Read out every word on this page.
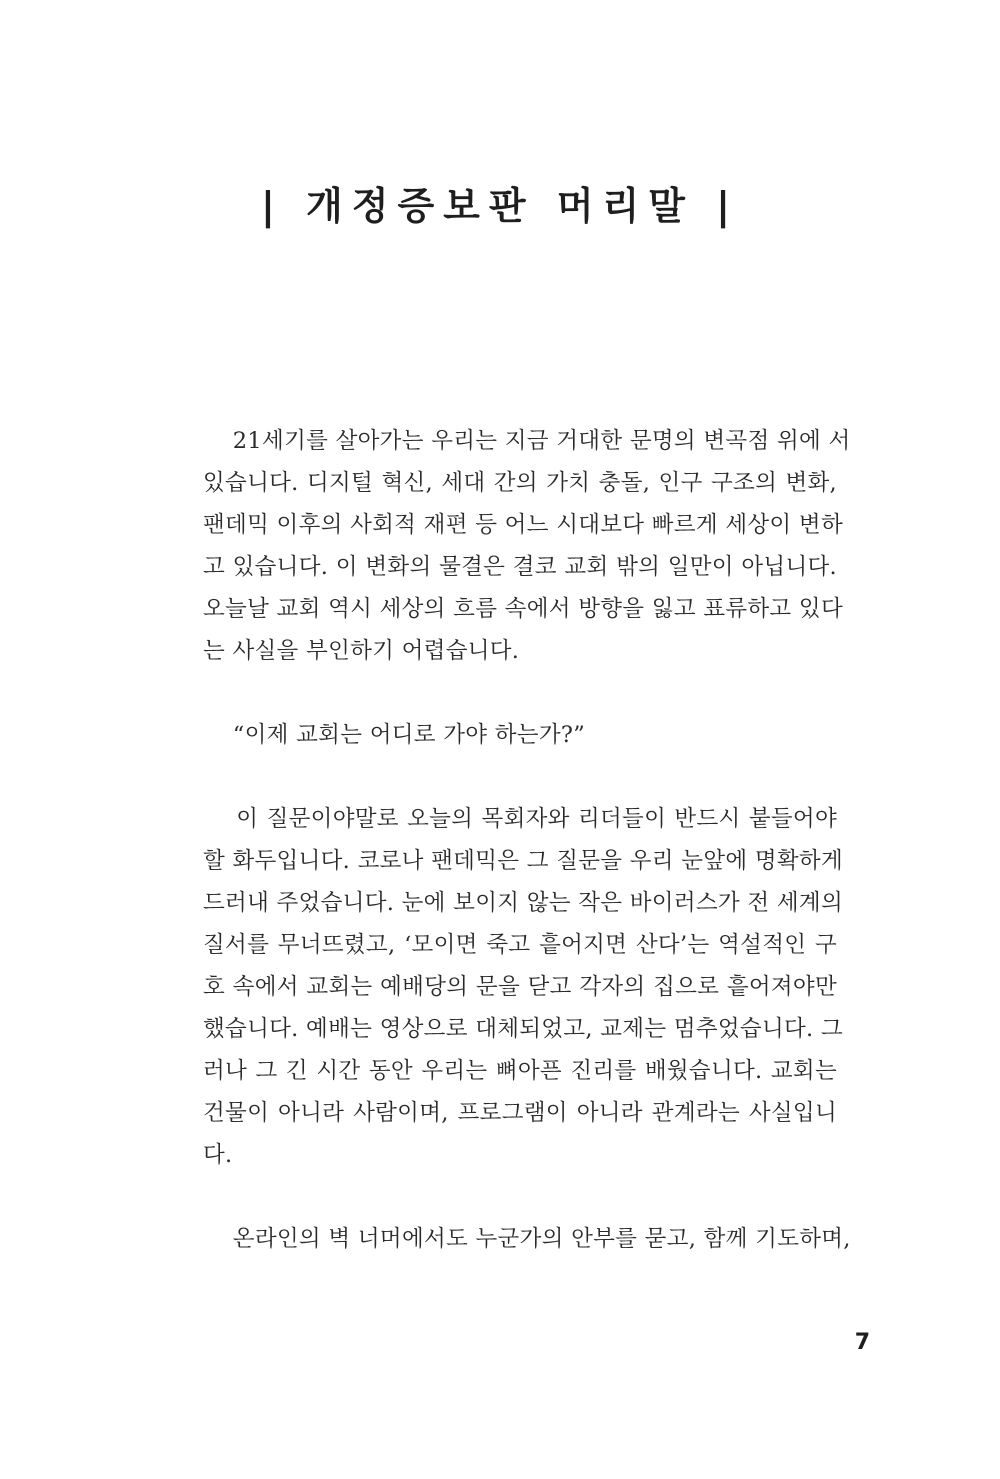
| 개정증보판 머리말 |

21세기를 살아가는 우리는 지금 거대한 문명의 변곡점 위에 서
있습니다. 디지털 혁신, 세대 간의 가치 충돌, 인구 구조의 변화,
팬데믹 이후의 사회적 재편 등 어느 시대보다 빠르게 세상이 변하
고 있습니다. 이 변화의 물결은 결코 교회 밖의 일만이 아닙니다.
오늘날 교회 역시 세상의 흐름 속에서 방향을 잃고 표류하고 있다
는 사실을 부인하기 어렵습니다.

“이제 교회는 어디로 가야 하는가?”

이 질문이야말로 오늘의 목회자와 리더들이 반드시 붙들어야
할 화두입니다. 코로나 팬데믹은 그 질문을 우리 눈앞에 명확하게
드러내 주었습니다. 눈에 보이지 않는 작은 바이러스가 전 세계의
질서를 무너뜨렸고, ‘모이면 죽고 흩어지면 산다’는 역설적인 구
호 속에서 교회는 예배당의 문을 닫고 각자의 집으로 흩어져야만
했습니다. 예배는 영상으로 대체되었고, 교제는 멈추었습니다. 그
러나 그 긴 시간 동안 우리는 뼈아픈 진리를 배웠습니다. 교회는
건물이 아니라 사람이며, 프로그램이 아니라 관계라는 사실입니
다.

온라인의 벽 너머에서도 누군가의 안부를 묻고, 함께 기도하며,

7
